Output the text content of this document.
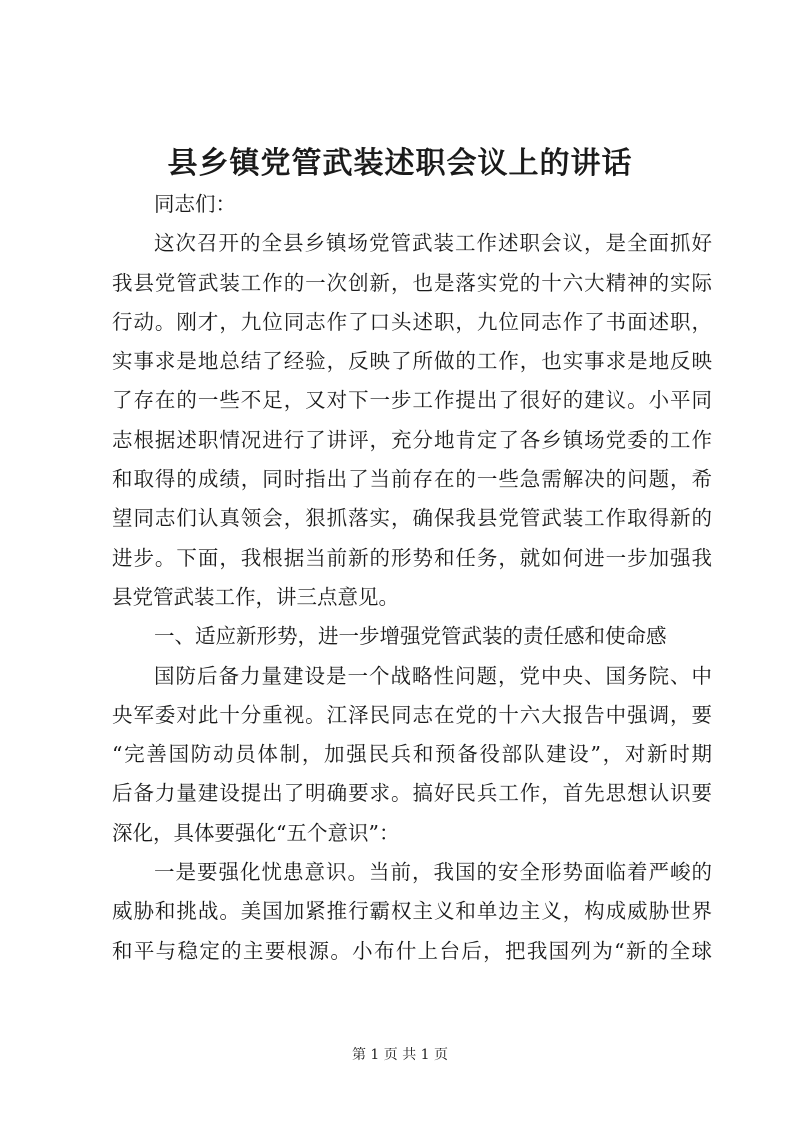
县乡镇党管武装述职会议上的讲话
同志们：
这次召开的全县乡镇场党管武装工作述职会议，是全面抓好
我县党管武装工作的一次创新，也是落实党的十六大精神的实际
行动。刚才，九位同志作了口头述职，九位同志作了书面述职，
实事求是地总结了经验，反映了所做的工作，也实事求是地反映
了存在的一些不足，又对下一步工作提出了很好的建议。小平同
志根据述职情况进行了讲评，充分地肯定了各乡镇场党委的工作
和取得的成绩，同时指出了当前存在的一些急需解决的问题，希
望同志们认真领会，狠抓落实，确保我县党管武装工作取得新的
进步。下面，我根据当前新的形势和任务，就如何进一步加强我
县党管武装工作，讲三点意见。
一、适应新形势，进一步增强党管武装的责任感和使命感
国防后备力量建设是一个战略性问题，党中央、国务院、中
央军委对此十分重视。江泽民同志在党的十六大报告中强调，要
“完善国防动员体制，加强民兵和预备役部队建设”，对新时期
后备力量建设提出了明确要求。搞好民兵工作，首先思想认识要
深化，具体要强化“五个意识”：
一是要强化忧患意识。当前，我国的安全形势面临着严峻的
威胁和挑战。美国加紧推行霸权主义和单边主义，构成威胁世界
和平与稳定的主要根源。小布什上台后，把我国列为“新的全球
第 1 页 共 1 页
